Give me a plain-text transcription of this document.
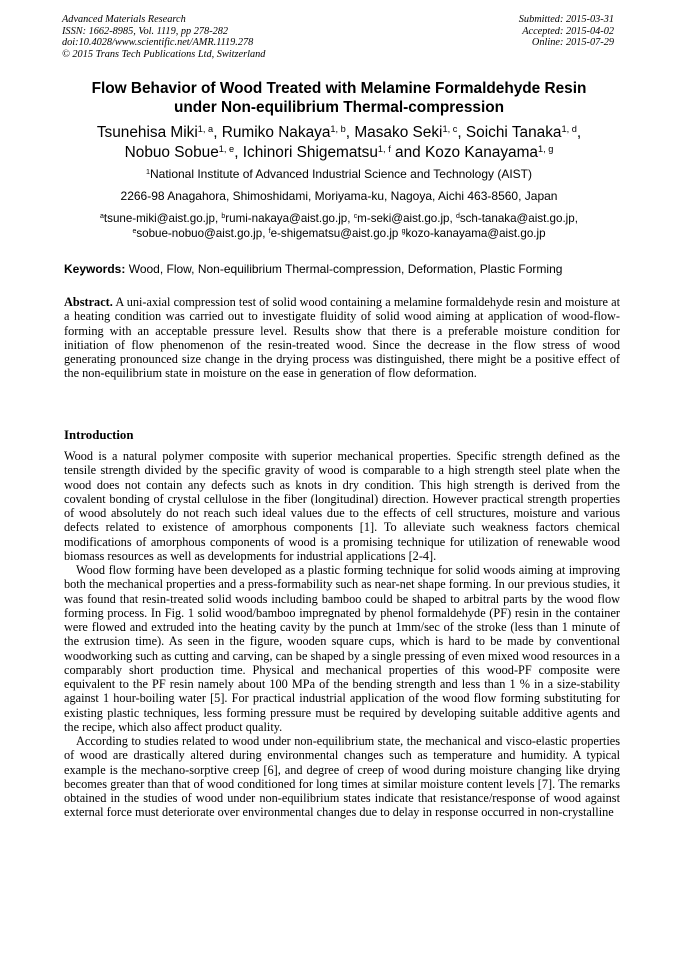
Advanced Materials Research
ISSN: 1662-8985, Vol. 1119, pp 278-282
doi:10.4028/www.scientific.net/AMR.1119.278
© 2015 Trans Tech Publications Ltd, Switzerland
Submitted: 2015-03-31
Accepted: 2015-04-02
Online: 2015-07-29
Flow Behavior of Wood Treated with Melamine Formaldehyde Resin
under Non-equilibrium Thermal-compression
Tsunehisa Miki$^{1, a}$, Rumiko Nakaya$^{1, b}$, Masako Seki$^{1, c}$, Soichi Tanaka$^{1, d}$,
Nobuo Sobue$^{1, e}$, Ichinori Shigematsu$^{1, f}$ and Kozo Kanayama$^{1, g}$
$^1$National Institute of Advanced Industrial Science and Technology (AIST)
2266-98 Anagahora, Shimoshidami, Moriyama-ku, Nagoya, Aichi 463-8560, Japan
$^a$tsune-miki@aist.go.jp, $^b$rumi-nakaya@aist.go.jp, $^c$m-seki@aist.go.jp, $^d$sch-tanaka@aist.go.jp,
$^e$sobue-nobuo@aist.go.jp, $^f$e-shigematsu@aist.go.jp $^g$kozo-kanayama@aist.go.jp
Keywords: Wood, Flow, Non-equilibrium Thermal-compression, Deformation, Plastic Forming
Abstract. A uni-axial compression test of solid wood containing a melamine formaldehyde resin and moisture at a heating condition was carried out to investigate fluidity of solid wood aiming at application of wood-flow-forming with an acceptable pressure level. Results show that there is a preferable moisture condition for initiation of flow phenomenon of the resin-treated wood. Since the decrease in the flow stress of wood generating pronounced size change in the drying process was distinguished, there might be a positive effect of the non-equilibrium state in moisture on the ease in generation of flow deformation.
Introduction

Wood is a natural polymer composite with superior mechanical properties. Specific strength defined as the tensile strength divided by the specific gravity of wood is comparable to a high strength steel plate when the wood does not contain any defects such as knots in dry condition. This high strength is derived from the covalent bonding of crystal cellulose in the fiber (longitudinal) direction. However practical strength properties of wood absolutely do not reach such ideal values due to the effects of cell structures, moisture and various defects related to existence of amorphous components [1]. To alleviate such weakness factors chemical modifications of amorphous components of wood is a promising technique for utilization of renewable wood biomass resources as well as developments for industrial applications [2-4].

Wood flow forming have been developed as a plastic forming technique for solid woods aiming at improving both the mechanical properties and a press-formability such as near-net shape forming. In our previous studies, it was found that resin-treated solid woods including bamboo could be shaped to arbitral parts by the wood flow forming process. In Fig. 1 solid wood/bamboo impregnated by phenol formaldehyde (PF) resin in the container were flowed and extruded into the heating cavity by the punch at 1mm/sec of the stroke (less than 1 minute of the extrusion time). As seen in the figure, wooden square cups, which is hard to be made by conventional woodworking such as cutting and carving, can be shaped by a single pressing of even mixed wood resources in a comparably short production time. Physical and mechanical properties of this wood-PF composite were equivalent to the PF resin namely about 100 MPa of the bending strength and less than 1 % in a size-stability against 1 hour-boiling water [5]. For practical industrial application of the wood flow forming substituting for existing plastic techniques, less forming pressure must be required by developing suitable additive agents and the recipe, which also affect product quality.

According to studies related to wood under non-equilibrium state, the mechanical and visco-elastic properties of wood are drastically altered during environmental changes such as temperature and humidity. A typical example is the mechano-sorptive creep [6], and degree of creep of wood during moisture changing like drying becomes greater than that of wood conditioned for long times at similar moisture content levels [7]. The remarks obtained in the studies of wood under non-equilibrium states indicate that resistance/response of wood against external force must deteriorate over environmental changes due to delay in response occurred in non-crystalline
